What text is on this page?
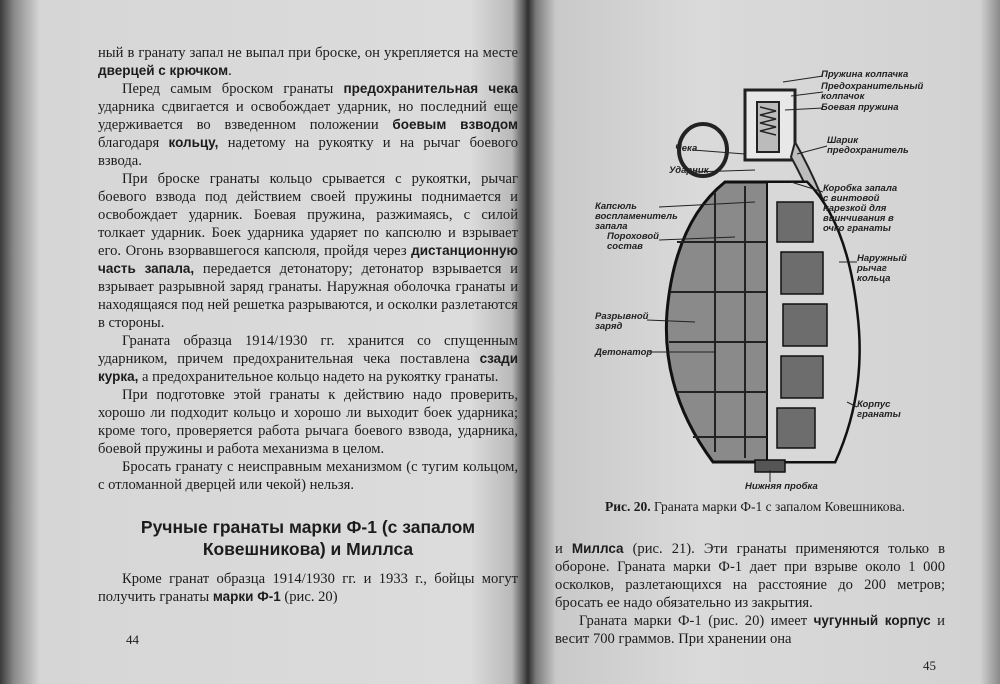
ный в гранату запал не выпал при броске, он укрепляется на месте дверцей с крючком.

Перед самым броском гранаты предохранительная чека ударника сдвигается и освобождает ударник, но последний еще удерживается во взведенном положении боевым взводом благодаря кольцу, надетому на рукоятку и на рычаг боевого взвода.

При броске гранаты кольцо срывается с рукоятки, рычаг боевого взвода под действием своей пружины поднимается и освобождает ударник. Боевая пружина, разжимаясь, с силой толкает ударник. Боек ударника ударяет по капсюлю и взрывает его. Огонь взорвавшегося капсюля, пройдя через дистанционную часть запала, передается детонатору; детонатор взрывается и взрывает разрывной заряд гранаты. Наружная оболочка гранаты и находящаяся под ней решетка разрываются, и осколки разлетаются в стороны.

Граната образца 1914/1930 гг. хранится со спущенным ударником, причем предохранительная чека поставлена сзади курка, а предохранительное кольцо надето на рукоятку гранаты.

При подготовке этой гранаты к действию надо проверить, хорошо ли подходит кольцо и хорошо ли выходит боек ударника; кроме того, проверяется работа рычага боевого взвода, ударника, боевой пружины и работа механизма в целом.

Бросать гранату с неисправным механизмом (с тугим кольцом, с отломанной дверцей или чекой) нельзя.

Ручные гранаты марки Ф-1 (с запалом Ковешникова) и Миллса

Кроме гранат образца 1914/1930 гг. и 1933 г., бойцы могут получить гранаты марки Ф-1 (рис. 20)

44
Пружина колпачка
Предохранительный колпачок
Боевая пружина
Чека
Ударник
Шарик предохранитель
Капсюль воспламенитель запала
Коробка запала с винтовой нарезкой для ввинчивания в очко гранаты
Пороховой состав
Наружный рычаг
кольца
Разрывной заряд
Детонатор
Корпус гранаты
Нижняя пробка
Рис. 20. Граната марки Ф-1 с запалом Ковешникова.

и Миллса (рис. 21). Эти гранаты применяются только в обороне. Граната марки Ф-1 дает при взрыве около 1 000 осколков, разлетающихся на расстояние до 200 метров; бросать ее надо обязательно из закрытия.

Граната марки Ф-1 (рис. 20) имеет чугунный корпус и весит 700 граммов. При хранении она

45
